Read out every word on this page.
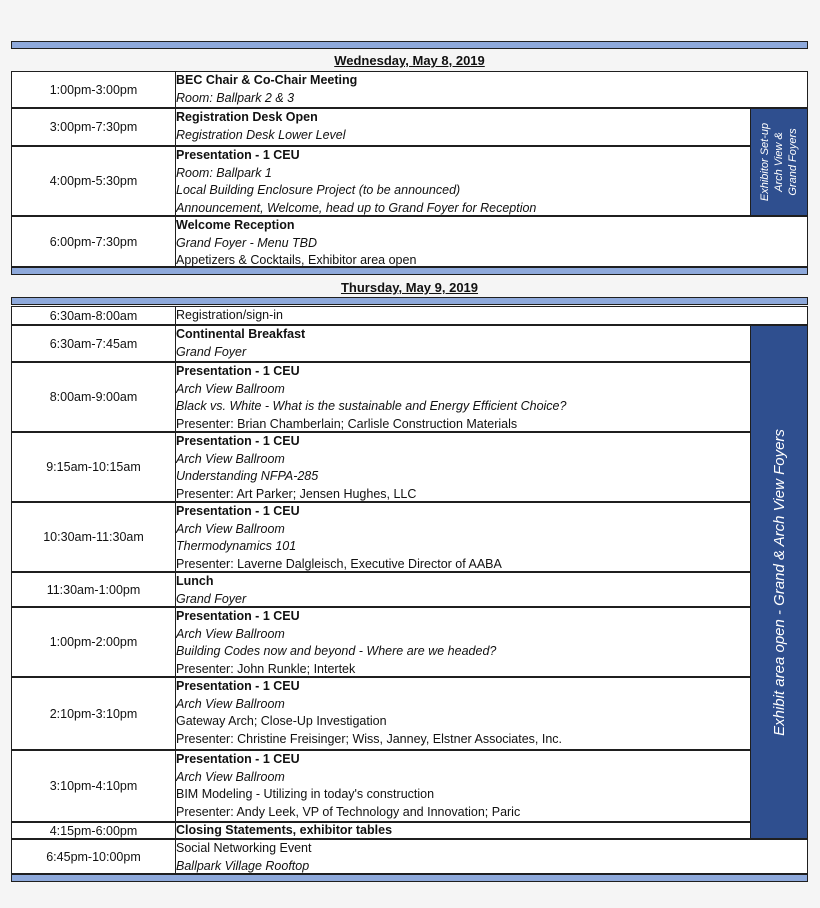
Wednesday, May 8, 2019
1:00pm-3:00pm
BEC Chair & Co-Chair Meeting
Room: Ballpark 2 & 3
3:00pm-7:30pm
Registration Desk Open
Registration Desk Lower Level
4:00pm-5:30pm
Presentation - 1 CEU
Room: Ballpark 1
Local Building Enclosure Project (to be announced)
Announcement, Welcome, head up to Grand Foyer for Reception
6:00pm-7:30pm
Welcome Reception
Grand Foyer - Menu TBD
Appetizers & Cocktails, Exhibitor area open
Exhibitor Set-up Arch View & Grand Foyers
Thursday, May 9, 2019
6:30am-8:00am	Registration/sign-in
6:30am-7:45am
Continental Breakfast
Grand Foyer
8:00am-9:00am
Presentation - 1 CEU
Arch View Ballroom
Black vs. White - What is the sustainable and Energy Efficient Choice?
Presenter: Brian Chamberlain; Carlisle Construction Materials
9:15am-10:15am
Presentation - 1 CEU
Arch View Ballroom
Understanding NFPA-285
Presenter: Art Parker; Jensen Hughes, LLC
10:30am-11:30am
Presentation - 1 CEU
Arch View Ballroom
Thermodynamics 101
Presenter: Laverne Dalgleisch, Executive Director of AABA
11:30am-1:00pm
Lunch
Grand Foyer
1:00pm-2:00pm
Presentation - 1 CEU
Arch View Ballroom
Building Codes now and beyond - Where are we headed?
Presenter: John Runkle; Intertek
2:10pm-3:10pm
Presentation - 1 CEU
Arch View Ballroom
Gateway Arch; Close-Up Investigation
Presenter: Christine Freisinger; Wiss, Janney, Elstner Associates, Inc.
3:10pm-4:10pm
Presentation - 1 CEU
Arch View Ballroom
BIM Modeling - Utilizing in today's construction
Presenter: Andy Leek, VP of Technology and Innovation; Paric
4:15pm-6:00pm	Closing Statements, exhibitor tables
6:45pm-10:00pm
Social Networking Event
Ballpark Village Rooftop
Exhibit area open - Grand & Arch View Foyers
